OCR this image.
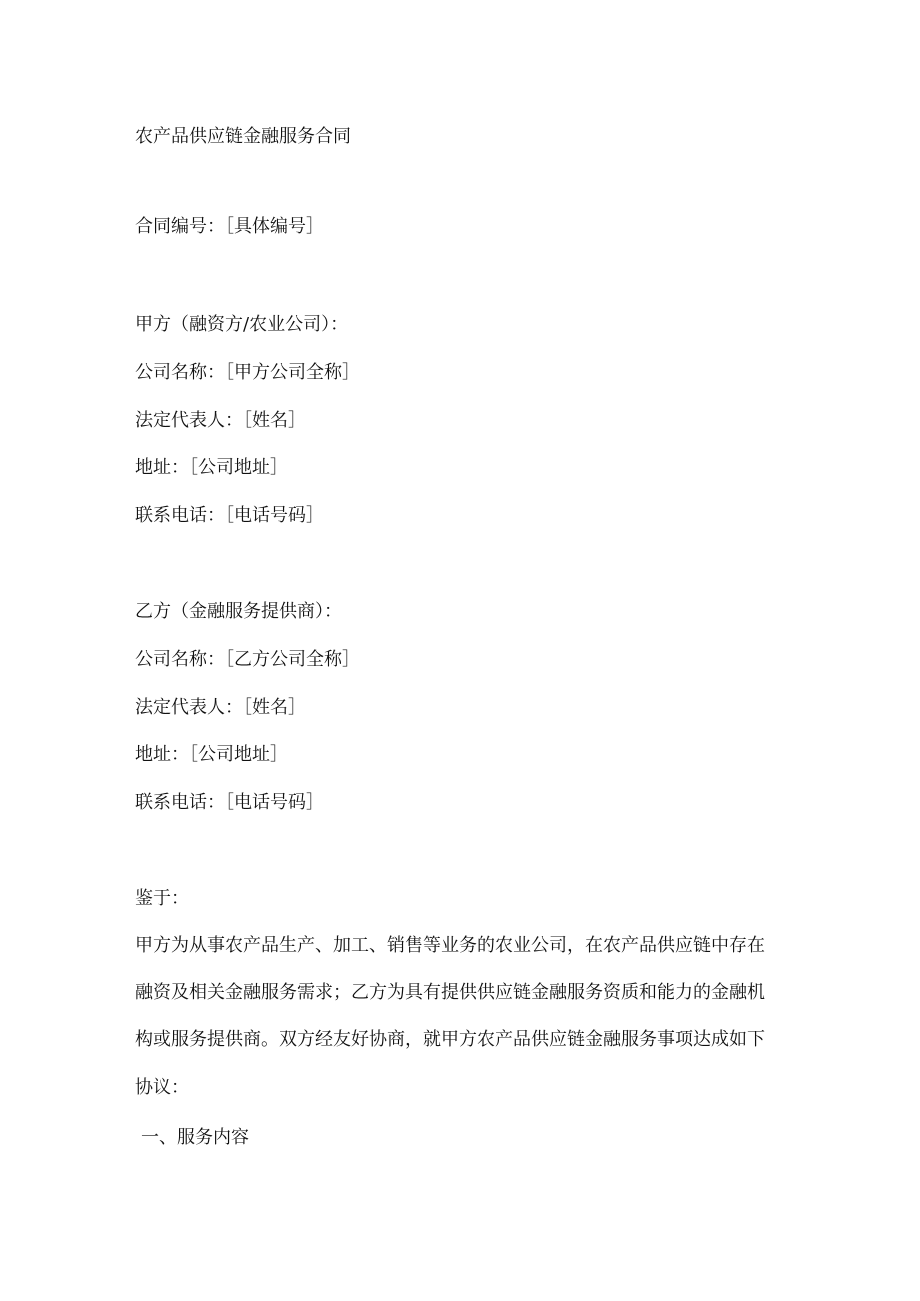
农产品供应链金融服务合同
合同编号：［具体编号］
甲方（融资方/农业公司）：
公司名称：［甲方公司全称］
法定代表人：［姓名］
地址：［公司地址］
联系电话：［电话号码］
乙方（金融服务提供商）：
公司名称：［乙方公司全称］
法定代表人：［姓名］
地址：［公司地址］
联系电话：［电话号码］
鉴于：
甲方为从事农产品生产、加工、销售等业务的农业公司，在农产品供应链中存在
融资及相关金融服务需求；乙方为具有提供供应链金融服务资质和能力的金融机
构或服务提供商。双方经友好协商，就甲方农产品供应链金融服务事项达成如下
协议：
一、服务内容
